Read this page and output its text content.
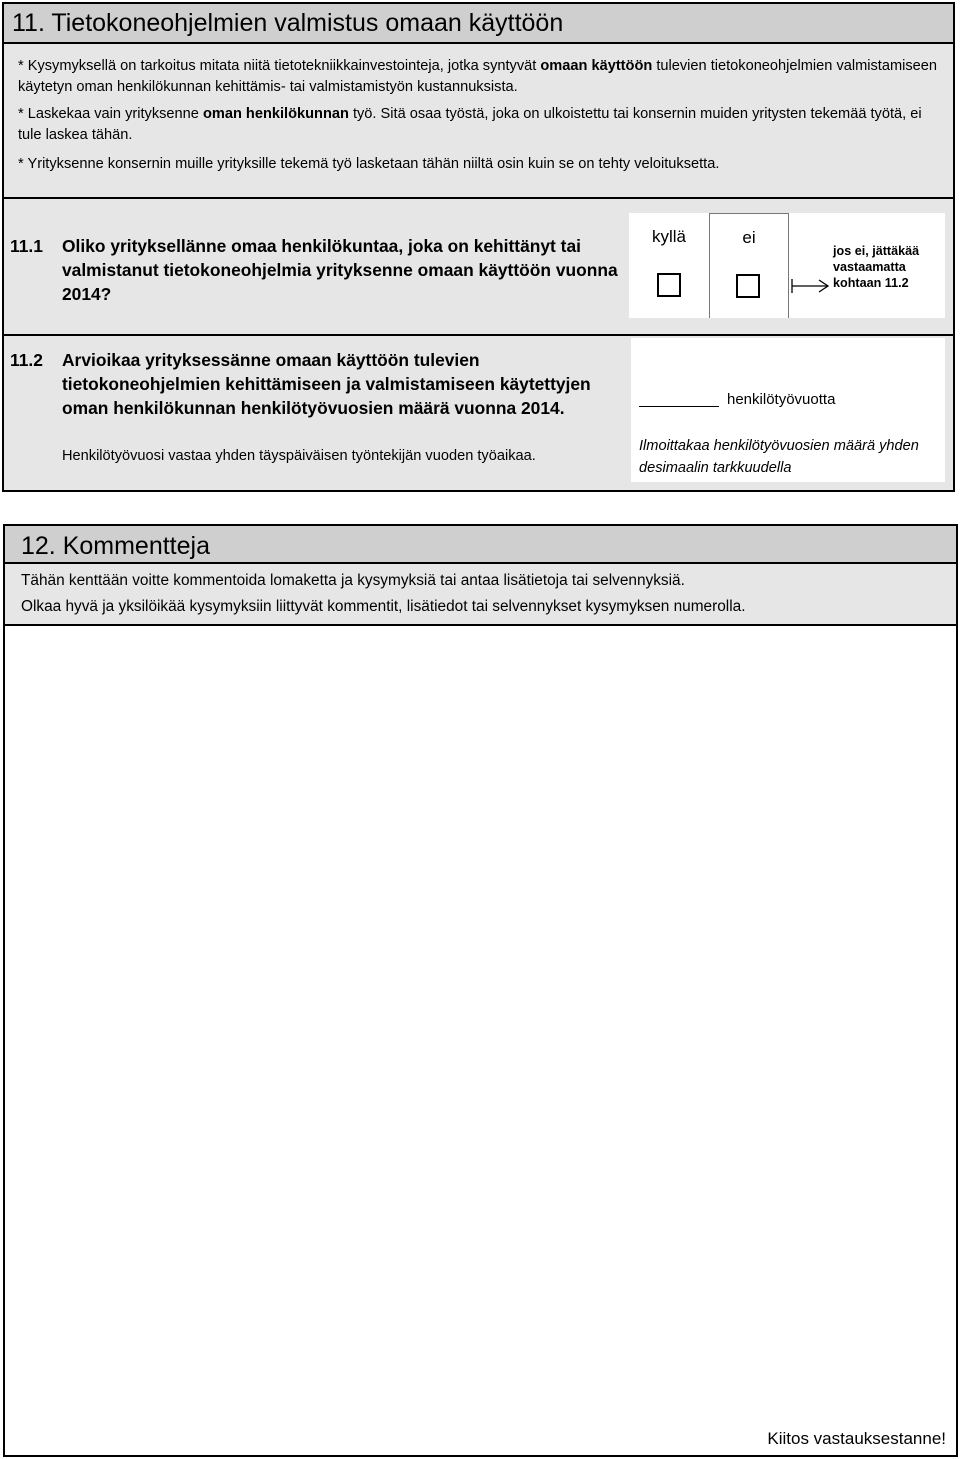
11. Tietokoneohjelmien valmistus omaan käyttöön
* Kysymyksellä on tarkoitus mitata niitä tietotekniikkainvestointeja, jotka syntyvät omaan käyttöön tulevien tietokoneohjelmien valmistamiseen käytetyn oman henkilökunnan kehittämis- tai valmistamistyön kustannuksista.
* Laskekaa vain yrityksenne oman henkilökunnan työ. Sitä osaa työstä, joka on ulkoistettu tai konsernin muiden yritysten tekemää työtä, ei tule laskea tähän.
* Yrityksenne konsernin muille yrityksille tekemä työ lasketaan tähän niiltä osin kuin se on tehty veloituksetta.
11.1 Oliko yrityksellänne omaa henkilökuntaa, joka on kehittänyt tai valmistanut tietokoneohjelmia yrityksenne omaan käyttöön vuonna 2014?
kyllä	ei
jos ei, jättäkää vastaamatta kohtaan 11.2
11.2 Arvioikaa yrityksessänne omaan käyttöön tulevien tietokoneohjelmien kehittämiseen ja valmistamiseen käytettyjen oman henkilökunnan henkilötyövuosien määrä vuonna 2014.
Henkilötyövuosi vastaa yhden täyspäiväisen työntekijän vuoden työaikaa.
henkilötyövuotta
Ilmoittakaa henkilötyövuosien määrä yhden desimaalin tarkkuudella
12. Kommentteja
Tähän kenttään voitte kommentoida lomaketta ja kysymyksiä tai antaa lisätietoja tai selvennyksiä.
Olkaa hyvä ja yksilöikää kysymyksiin liittyvät kommentit, lisätiedot tai selvennykset kysymyksen numerolla.
Kiitos vastauksestanne!
